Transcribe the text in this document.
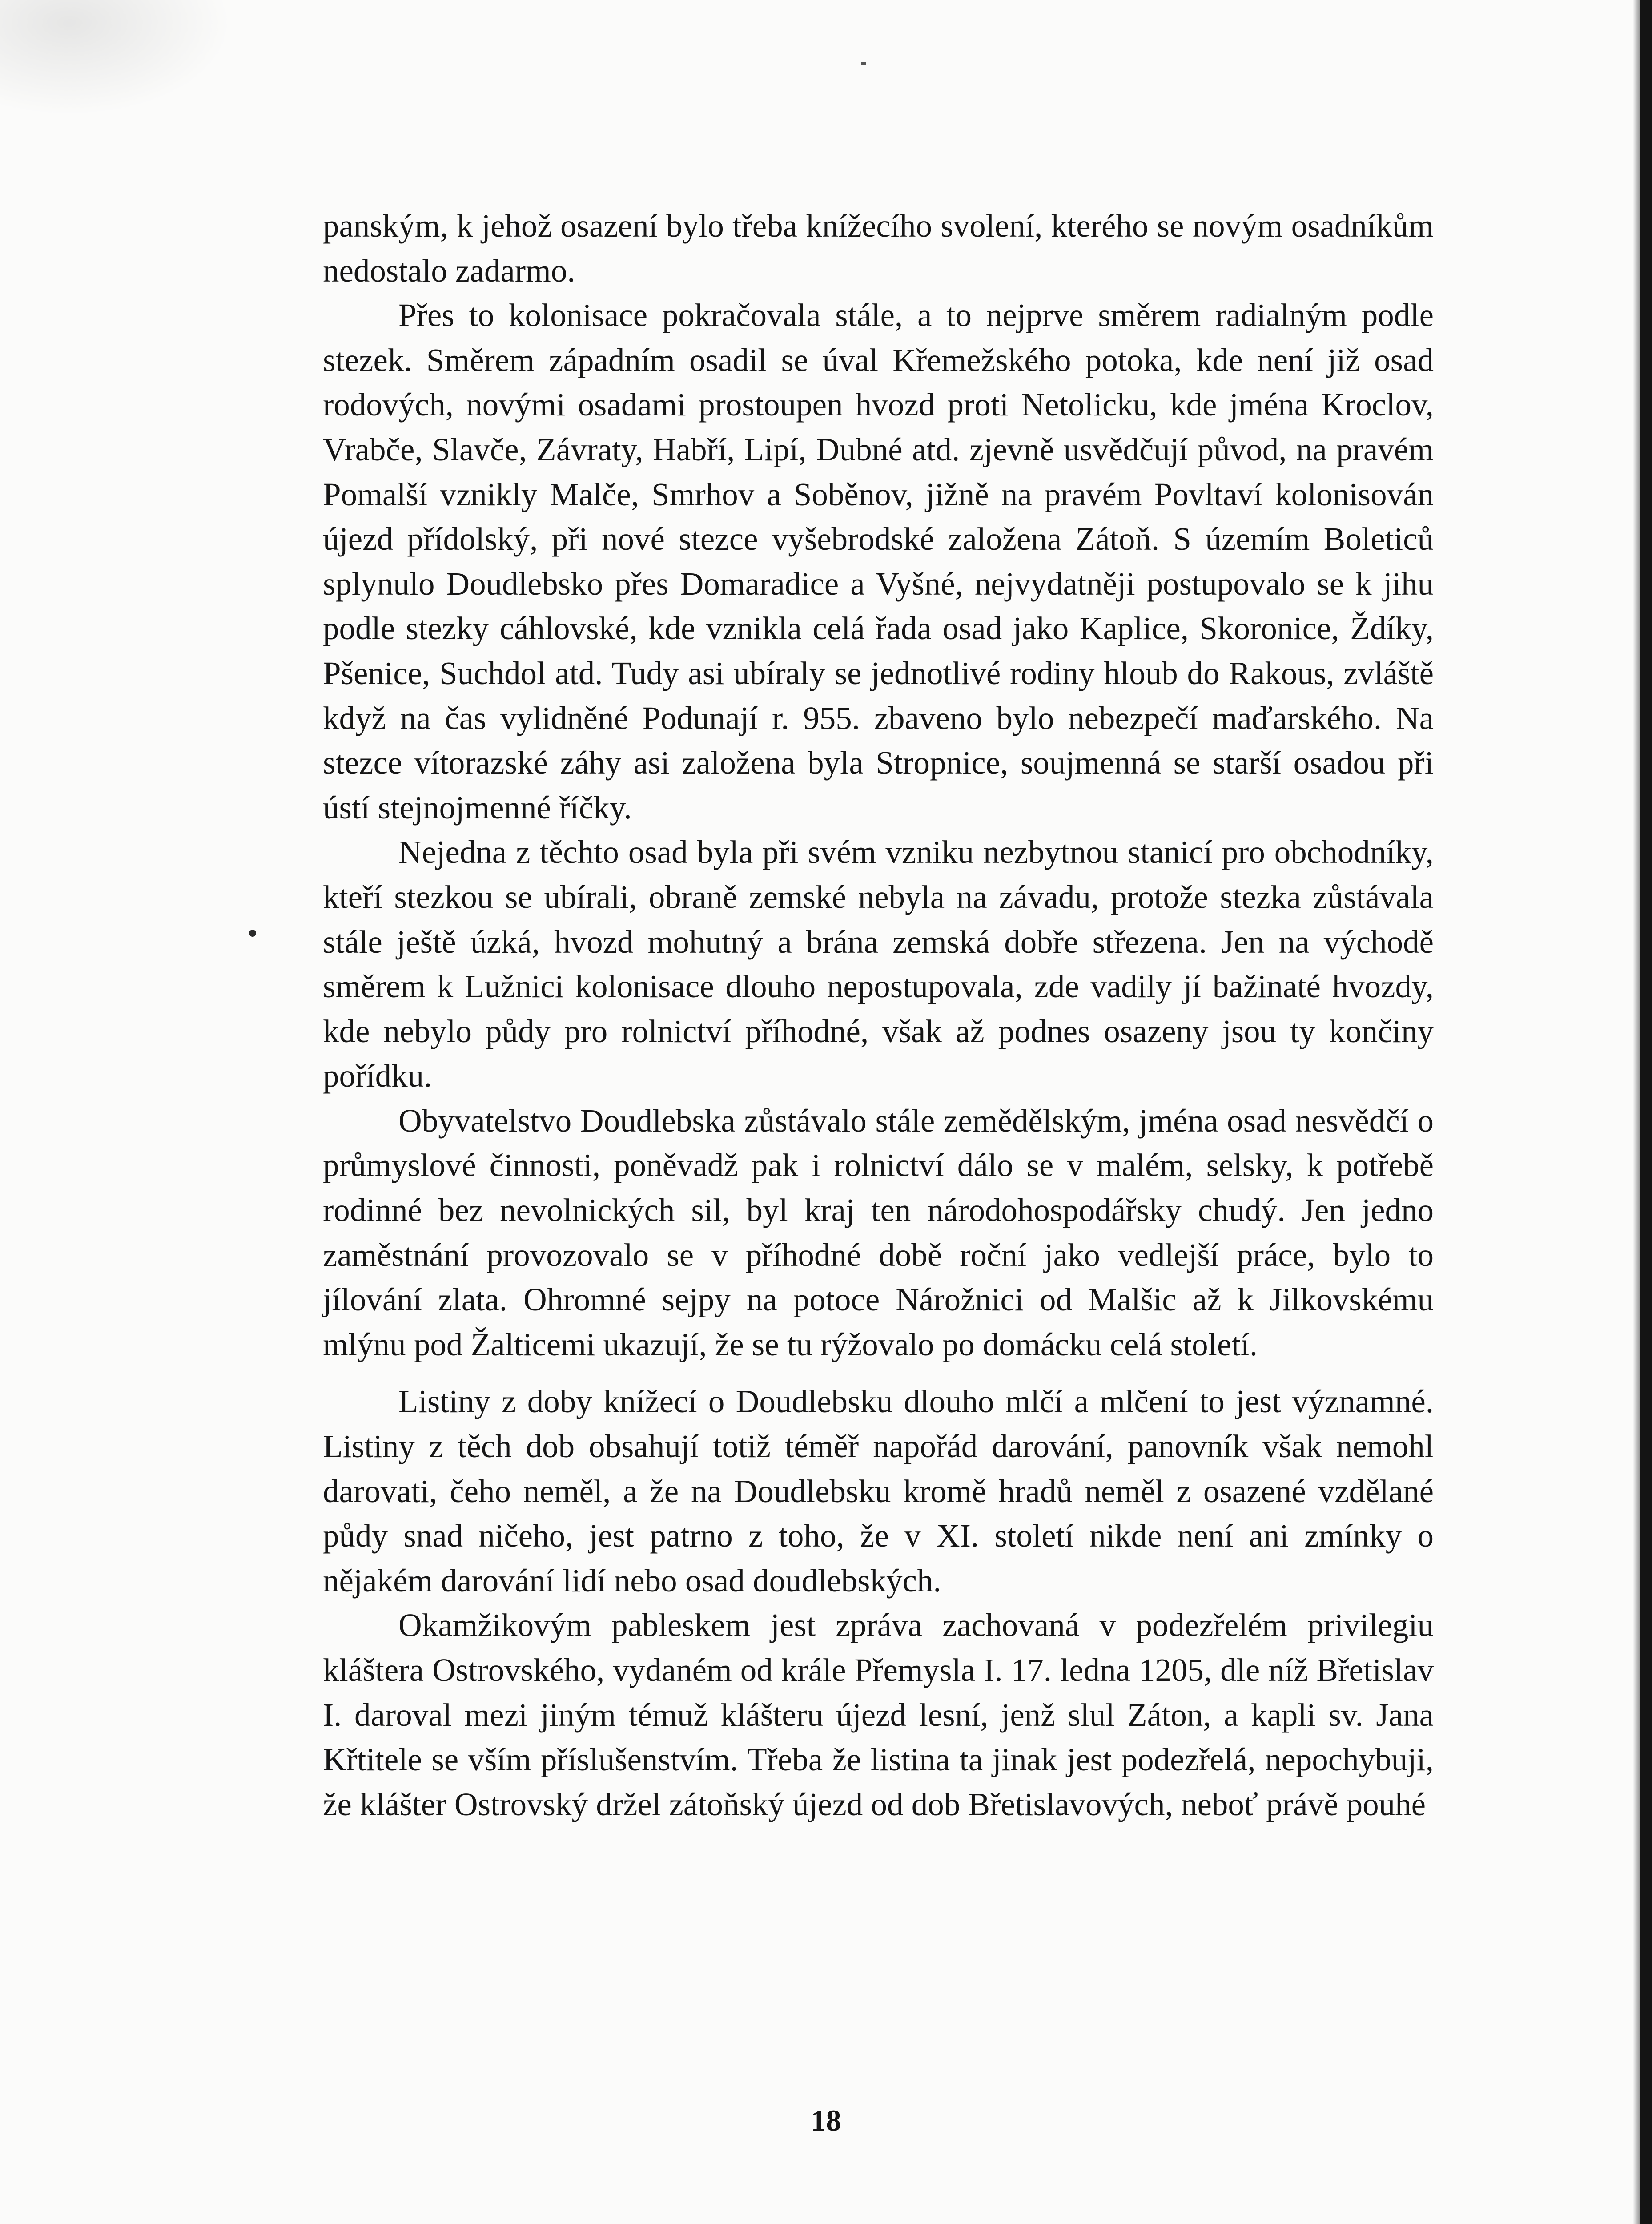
panským, k jehož osazení bylo třeba knížecího svolení, kterého se novým osadníkům nedostalo zadarmo.

Přes to kolonisace pokračovala stále, a to nejprve směrem radialným podle stezek. Směrem západním osadil se úval Křemežského potoka, kde není již osad rodových, novými osadami prostoupen hvozd proti Netolicku, kde jména Kroclov, Vrabče, Slavče, Závraty, Habří, Lipí, Dubné atd. zjevně usvědčují původ, na pravém Pomalší vznikly Malče, Smrhov a Soběnov, jižně na pravém Povltaví kolonisován újezd přídolský, při nové stezce vyšebrodské založena Zátoň. S územím Boleticů splynulo Doudlebsko přes Domaradice a Vyšné, nejvydatněji postupovalo se k jihu podle stezky cáhlovské, kde vznikla celá řada osad jako Kaplice, Skoronice, Ždíky, Pšenice, Suchdol atd. Tudy asi ubíraly se jednotlivé rodiny hloub do Rakous, zvláště když na čas vylidněné Podunají r. 955. zbaveno bylo nebezpečí maďarského. Na stezce vítorazské záhy asi založena byla Stropnice, soujmenná se starší osadou při ústí stejnojmenné říčky.

Nejedna z těchto osad byla při svém vzniku nezbytnou stanicí pro obchodníky, kteří stezkou se ubírali, obraně zemské nebyla na závadu, protože stezka zůstávala stále ještě úzká, hvozd mohutný a brána zemská dobře střezena. Jen na východě směrem k Lužnici kolonisace dlouho nepostupovala, zde vadily jí bažinaté hvozdy, kde nebylo půdy pro rolnictví příhodné, však až podnes osazeny jsou ty končiny pořídku.

Obyvatelstvo Doudlebska zůstávalo stále zemědělským, jména osad nesvědčí o průmyslové činnosti, poněvadž pak i rolnictví dálo se v malém, selsky, k potřebě rodinné bez nevolnických sil, byl kraj ten národohospodářsky chudý. Jen jedno zaměstnání provozovalo se v příhodné době roční jako vedlejší práce, bylo to jílování zlata. Ohromné sejpy na potoce Nárožnici od Malšic až k Jilkovskému mlýnu pod Žalticemi ukazují, že se tu rýžovalo po domácku celá století.

Listiny z doby knížecí o Doudlebsku dlouho mlčí a mlčení to jest významné. Listiny z těch dob obsahují totiž téměř napořád darování, panovník však nemohl darovati, čeho neměl, a že na Doudlebsku kromě hradů neměl z osazené vzdělané půdy snad ničeho, jest patrno z toho, že v XI. století nikde není ani zmínky o nějakém darování lidí nebo osad doudlebských.

Okamžikovým pableskem jest zpráva zachovaná v podezřelém privilegiu kláštera Ostrovského, vydaném od krále Přemysla I. 17. ledna 1205, dle níž Břetislav I. daroval mezi jiným témuž klášteru újezd lesní, jenž slul Záton, a kapli sv. Jana Křtitele se vším příslušenstvím. Třeba že listina ta jinak jest podezřelá, nepochybuji, že klášter Ostrovský držel zátoňský újezd od dob Břetislavových, neboť právě pouhé

18
